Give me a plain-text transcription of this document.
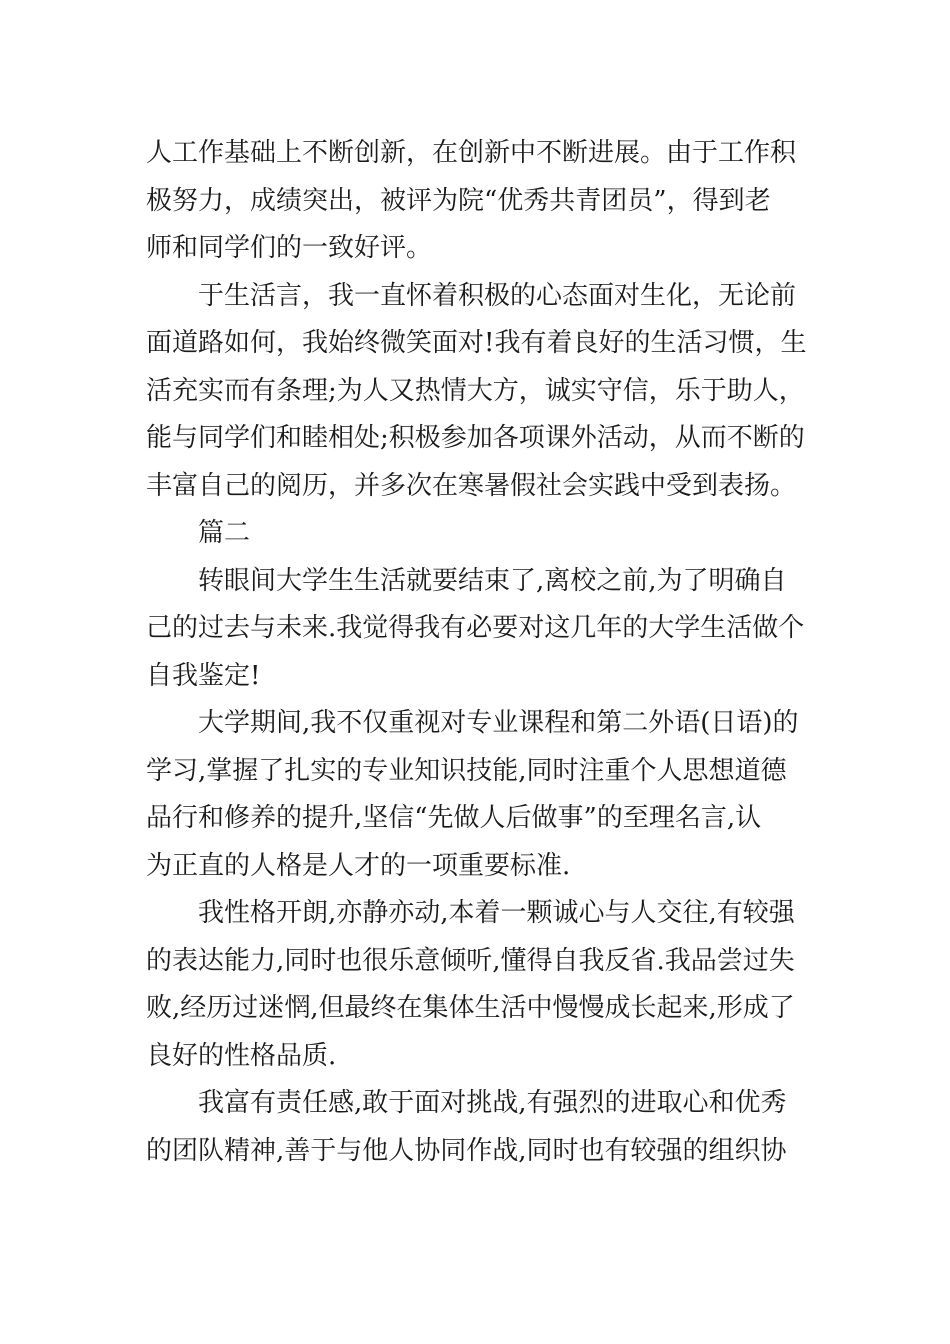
人工作基础上不断创新，在创新中不断进展。由于工作积
极努力，成绩突出，被评为院“优秀共青团员”，得到老
师和同学们的一致好评。
于生活言，我一直怀着积极的心态面对生化，无论前
面道路如何，我始终微笑面对!我有着良好的生活习惯，生
活充实而有条理;为人又热情大方，诚实守信，乐于助人，
能与同学们和睦相处;积极参加各项课外活动，从而不断的
丰富自己的阅历，并多次在寒暑假社会实践中受到表扬。
篇二
转眼间大学生生活就要结束了,离校之前,为了明确自
己的过去与未来.我觉得我有必要对这几年的大学生活做个
自我鉴定!
大学期间,我不仅重视对专业课程和第二外语(日语)的
学习,掌握了扎实的专业知识技能,同时注重个人思想道德
品行和修养的提升,坚信“先做人后做事”的至理名言,认
为正直的人格是人才的一项重要标准.
我性格开朗,亦静亦动,本着一颗诚心与人交往,有较强
的表达能力,同时也很乐意倾听,懂得自我反省.我品尝过失
败,经历过迷惘,但最终在集体生活中慢慢成长起来,形成了
良好的性格品质.
我富有责任感,敢于面对挑战,有强烈的进取心和优秀
的团队精神,善于与他人协同作战,同时也有较强的组织协
